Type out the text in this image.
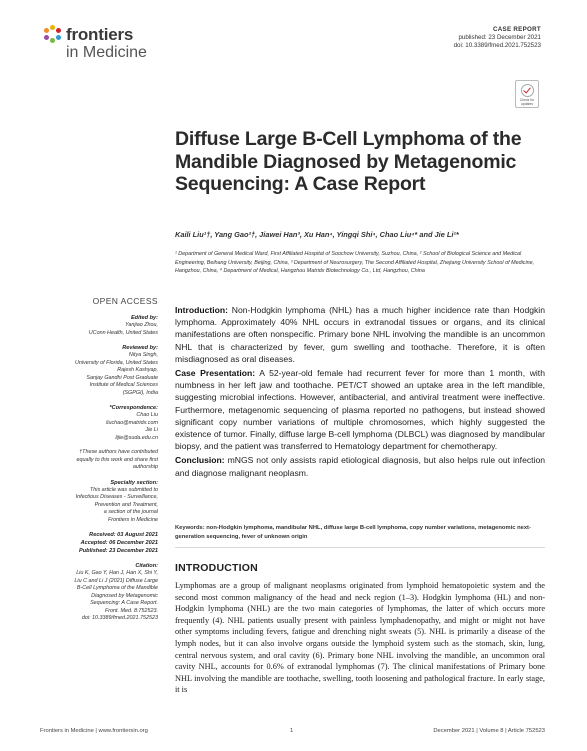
frontiers
in Medicine
CASE REPORT
published: 23 December 2021
doi: 10.3389/fmed.2021.752523
Check for updates
Diffuse Large B-Cell Lymphoma of the Mandible Diagnosed by Metagenomic Sequencing: A Case Report
Kaili Liu¹†, Yang Gao²†, Jiawei Han³, Xu Han⁴, Yingqi Shi⁴, Chao Liu⁴* and Jie Li¹*
¹ Department of General Medical Ward, First Affiliated Hospital of Soochow University, Suzhou, China, ² School of Biological Science and Medical Engineering, Beihang University, Beijing, China, ³ Department of Neurosurgery, The Second Affiliated Hospital, Zhejiang University School of Medicine, Hangzhou, China, ⁴ Department of Medical, Hangzhou Matridx Biotechnology Co., Ltd, Hangzhou, China
OPEN ACCESS
Edited by:
Yanjiao Zhou,
UConn Health, United States
Reviewed by:
Nitya Singh,
University of Florida, United States
Rajesh Kashyap,
Sanjay Gandhi Post Graduate
Institute of Medical Sciences
(SGPGI), India
*Correspondence:
Chao Liu
liuchao@matridx.com
Jie Li
lijie@suda.edu.cn
†These authors have contributed
equally to this work and share first
authorship
Specialty section:
This article was submitted to
Infectious Diseases - Surveillance,
Prevention and Treatment,
a section of the journal
Frontiers in Medicine
Received: 03 August 2021
Accepted: 06 December 2021
Published: 23 December 2021
Citation:
Liu K, Gao Y, Han J, Han X, Shi Y,
Liu C and Li J (2021) Diffuse Large
B-Cell Lymphoma of the Mandible
Diagnosed by Metagenomic
Sequencing: A Case Report.
Front. Med. 8:752523.
doi: 10.3389/fmed.2021.752523

Introduction: Non-Hodgkin lymphoma (NHL) has a much higher incidence rate than Hodgkin lymphoma. Approximately 40% NHL occurs in extranodal tissues or organs, and its clinical manifestations are often nonspecific. Primary bone NHL involving the mandible is an uncommon NHL that is characterized by fever, gum swelling and toothache. Therefore, it is often misdiagnosed as oral diseases.

Case Presentation: A 52-year-old female had recurrent fever for more than 1 month, with numbness in her left jaw and toothache. PET/CT showed an uptake area in the left mandible, suggesting microbial infections. However, antibacterial, and antiviral treatment were ineffective. Furthermore, metagenomic sequencing of plasma reported no pathogens, but instead showed significant copy number variations of multiple chromosomes, which highly suggested the existence of tumor. Finally, diffuse large B-cell lymphoma (DLBCL) was diagnosed by mandibular biopsy, and the patient was transferred to Hematology department for chemotherapy.

Conclusion: mNGS not only assists rapid etiological diagnosis, but also helps rule out infection and diagnose malignant neoplasm.

Keywords: non-Hodgkin lymphoma, mandibular NHL, diffuse large B-cell lymphoma, copy number variations, metagenomic next-generation sequencing, fever of unknown origin
INTRODUCTION
Lymphomas are a group of malignant neoplasms originated from lymphoid hematopoietic system and the second most common malignancy of the head and neck region (1–3). Hodgkin lymphoma (HL) and non-Hodgkin lymphoma (NHL) are the two main categories of lymphomas, the latter of which occurs more frequently (4). NHL patients usually present with painless lymphadenopathy, and might or might not have other symptoms including fevers, fatigue and drenching night sweats (5). NHL is primarily a disease of the lymph nodes, but it can also involve organs outside the lymphoid system such as the stomach, skin, lung, central nervous system, and oral cavity (6). Primary bone NHL involving the mandible, an uncommon oral cavity NHL, accounts for 0.6% of extranodal lymphomas (7). The clinical manifestations of Primary bone NHL involving the mandible are toothache, swelling, tooth loosening and pathological fracture. In early stage, it is
Frontiers in Medicine | www.frontiersin.org	1	December 2021 | Volume 8 | Article 752523
